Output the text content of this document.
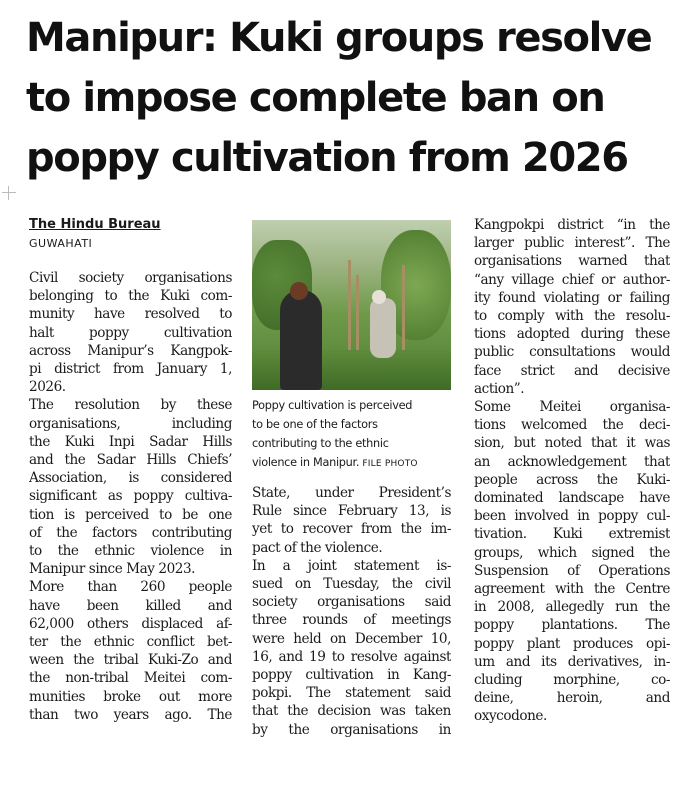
Manipur: Kuki groups resolve
to impose complete ban on
poppy cultivation from 2026
The Hindu Bureau
GUWAHATI
Civil society organisations
belonging to the Kuki com-
munity have resolved to
halt poppy cultivation
across Manipur’s Kangpok-
pi district from January 1,
2026.
The resolution by these
organisations, including
the Kuki Inpi Sadar Hills
and the Sadar Hills Chiefs’
Association, is considered
significant as poppy cultiva-
tion is perceived to be one
of the factors contributing
to the ethnic violence in
Manipur since May 2023.
More than 260 people
have been killed and
62,000 others displaced af-
ter the ethnic conflict bet-
ween the tribal Kuki-Zo and
the non-tribal Meitei com-
munities broke out more
than two years ago. The
Poppy cultivation is perceived
to be one of the factors
contributing to the ethnic
violence in Manipur. FILE PHOTO
State, under President’s
Rule since February 13, is
yet to recover from the im-
pact of the violence.
In a joint statement is-
sued on Tuesday, the civil
society organisations said
three rounds of meetings
were held on December 10,
16, and 19 to resolve against
poppy cultivation in Kang-
pokpi. The statement said
that the decision was taken
by the organisations in
Kangpokpi district “in the
larger public interest”. The
organisations warned that
“any village chief or author-
ity found violating or failing
to comply with the resolu-
tions adopted during these
public consultations would
face strict and decisive
action”.
Some Meitei organisa-
tions welcomed the deci-
sion, but noted that it was
an acknowledgement that
people across the Kuki-
dominated landscape have
been involved in poppy cul-
tivation. Kuki extremist
groups, which signed the
Suspension of Operations
agreement with the Centre
in 2008, allegedly run the
poppy plantations. The
poppy plant produces opi-
um and its derivatives, in-
cluding morphine, co-
deine, heroin, and
oxycodone.
